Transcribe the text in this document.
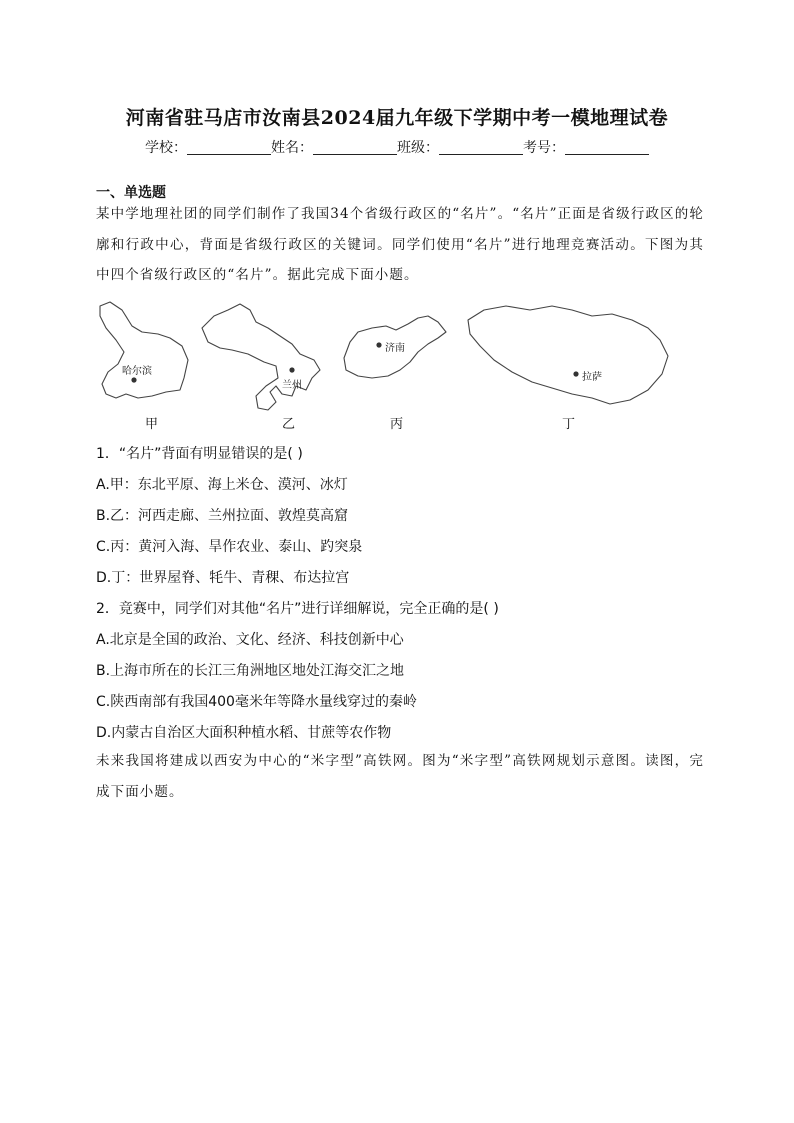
河南省驻马店市汝南县2024届九年级下学期中考一模地理试卷
学校：	姓名：	班级：	考号：
一、单选题
某中学地理社团的同学们制作了我国34个省级行政区的“名片”。“名片”正面是省级行政区的轮廓和行政中心，背面是省级行政区的关键词。同学们使用“名片”进行地理竞赛活动。下图为其中四个省级行政区的“名片”。据此完成下面小题。
哈尔滨
兰州
济南
拉萨
甲	乙	丙	丁
1．“名片”背面有明显错误的是( )
A.甲：东北平原、海上米仓、漠河、冰灯
B.乙：河西走廊、兰州拉面、敦煌莫高窟
C.丙：黄河入海、旱作农业、泰山、趵突泉
D.丁：世界屋脊、牦牛、青稞、布达拉宫
2．竞赛中，同学们对其他“名片”进行详细解说，完全正确的是( )
A.北京是全国的政治、文化、经济、科技创新中心
B.上海市所在的长江三角洲地区地处江海交汇之地
C.陕西南部有我国400毫米年等降水量线穿过的秦岭
D.内蒙古自治区大面积种植水稻、甘蔗等农作物
未来我国将建成以西安为中心的“米字型”高铁网。图为“米字型”高铁网规划示意图。读图，完成下面小题。
